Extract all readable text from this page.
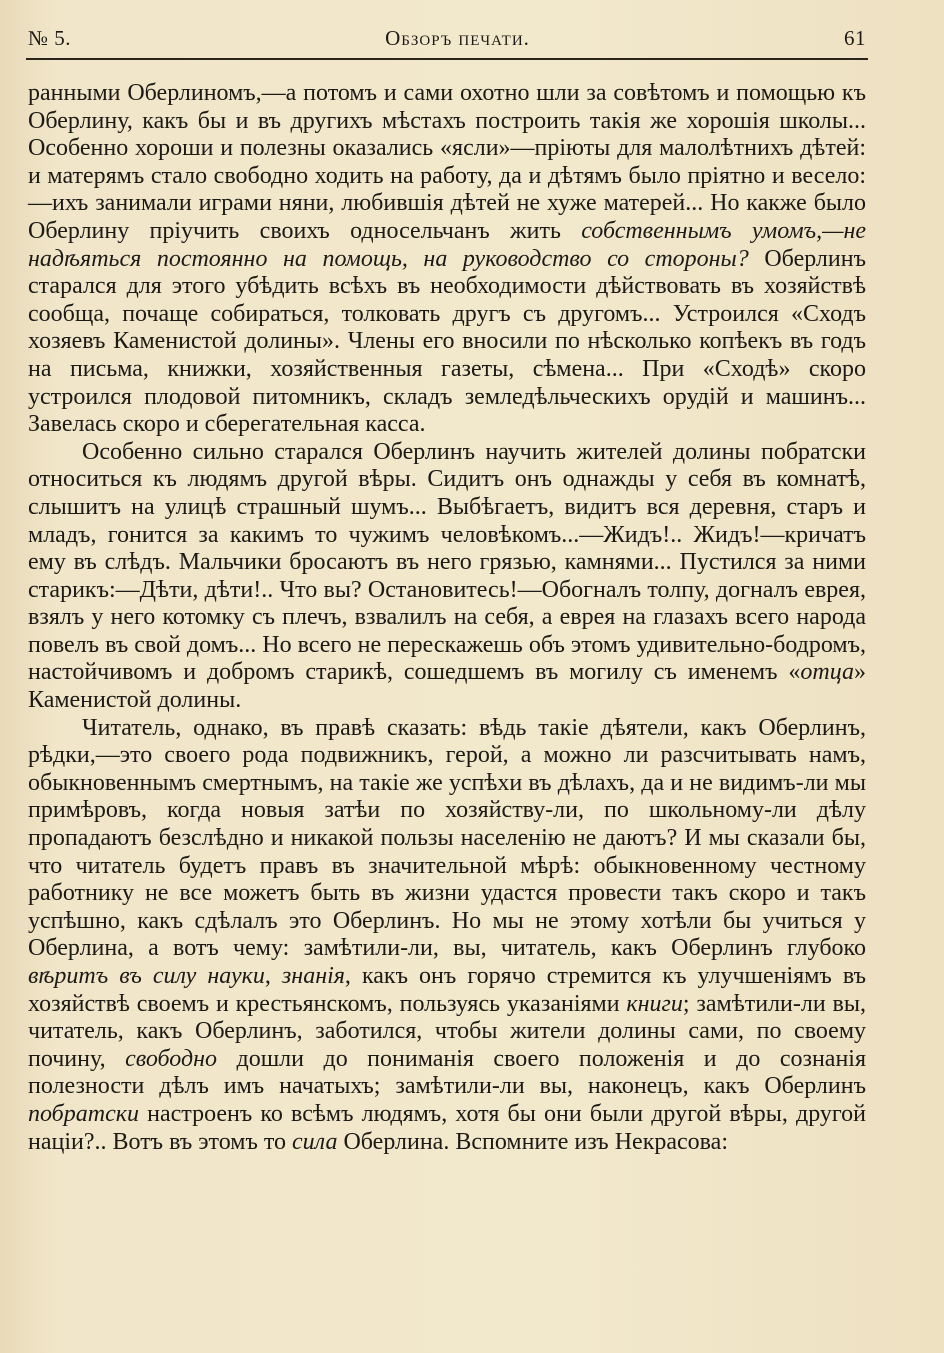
№ 5.	Обзоръ печати.	61

ранными Оберлиномъ,—а потомъ и сами охотно шли за совѣтомъ и помощью къ Оберлину, какъ бы и въ другихъ мѣстахъ построить такія же хорошія школы... Особенно хороши и полезны оказались «ясли»—пріюты для малолѣтнихъ дѣтей: и матерямъ стало свободно ходить на работу, да и дѣтямъ было пріятно и весело:—ихъ занимали играми няни, любившія дѣтей не хуже матерей... Но какже было Оберлину пріучить своихъ односельчанъ жить собственнымъ умомъ,—не надѣяться постоянно на помощь, на руководство со стороны? Оберлинъ старался для этого убѣдить всѣхъ въ необходимости дѣйствовать въ хозяйствѣ сообща, почаще собираться, толковать другъ съ другомъ... Устроился «Сходъ хозяевъ Каменистой долины». Члены его вносили по нѣсколько копѣекъ въ годъ на письма, книжки, хозяйственныя газеты, сѣмена... При «Сходѣ» скоро устроился плодовой питомникъ, складъ земледѣльческихъ орудій и машинъ... Завелась скоро и сберегательная касса.

Особенно сильно старался Оберлинъ научить жителей долины побратски относиться къ людямъ другой вѣры. Сидитъ онъ однажды у себя въ комнатѣ, слышитъ на улицѣ страшный шумъ... Выбѣгаетъ, видитъ вся деревня, старъ и младъ, гонится за какимъ то чужимъ человѣкомъ...—Жидъ!.. Жидъ!—кричатъ ему въ слѣдъ. Мальчики бросаютъ въ него грязью, камнями... Пустился за ними старикъ:—Дѣти, дѣти!.. Что вы? Остановитесь!—Обогналъ толпу, догналъ еврея, взялъ у него котомку съ плечъ, взвалилъ на себя, а еврея на глазахъ всего народа повелъ въ свой домъ... Но всего не перескажешь объ этомъ удивительно-бодромъ, настойчивомъ и добромъ старикѣ, сошедшемъ въ могилу съ именемъ «отца» Каменистой долины.

Читатель, однако, въ правѣ сказать: вѣдь такіе дѣятели, какъ Оберлинъ, рѣдки,—это своего рода подвижникъ, герой, а можно ли разсчитывать намъ, обыкновеннымъ смертнымъ, на такіе же успѣхи въ дѣлахъ, да и не видимъ-ли мы примѣровъ, когда новыя затѣи по хозяйству-ли, по школьному-ли дѣлу пропадаютъ безслѣдно и никакой пользы населенію не даютъ? И мы сказали бы, что читатель будетъ правъ въ значительной мѣрѣ: обыкновенному честному работнику не все можетъ быть въ жизни удастся провести такъ скоро и такъ успѣшно, какъ сдѣлалъ это Оберлинъ. Но мы не этому хотѣли бы учиться у Оберлина, а вотъ чему: замѣтили-ли, вы, читатель, какъ Оберлинъ глубоко вѣритъ въ силу науки, знанія, какъ онъ горячо стремится къ улучшеніямъ въ хозяйствѣ своемъ и крестьянскомъ, пользуясь указаніями книги; замѣтили-ли вы, читатель, какъ Оберлинъ, заботился, чтобы жители долины сами, по своему почину, свободно дошли до пониманія своего положенія и до сознанія полезности дѣлъ имъ начатыхъ; замѣтили-ли вы, наконецъ, какъ Оберлинъ побратски настроенъ ко всѣмъ людямъ, хотя бы они были другой вѣры, другой націи?.. Вотъ въ этомъ то сила Оберлина. Вспомните изъ Некрасова:
